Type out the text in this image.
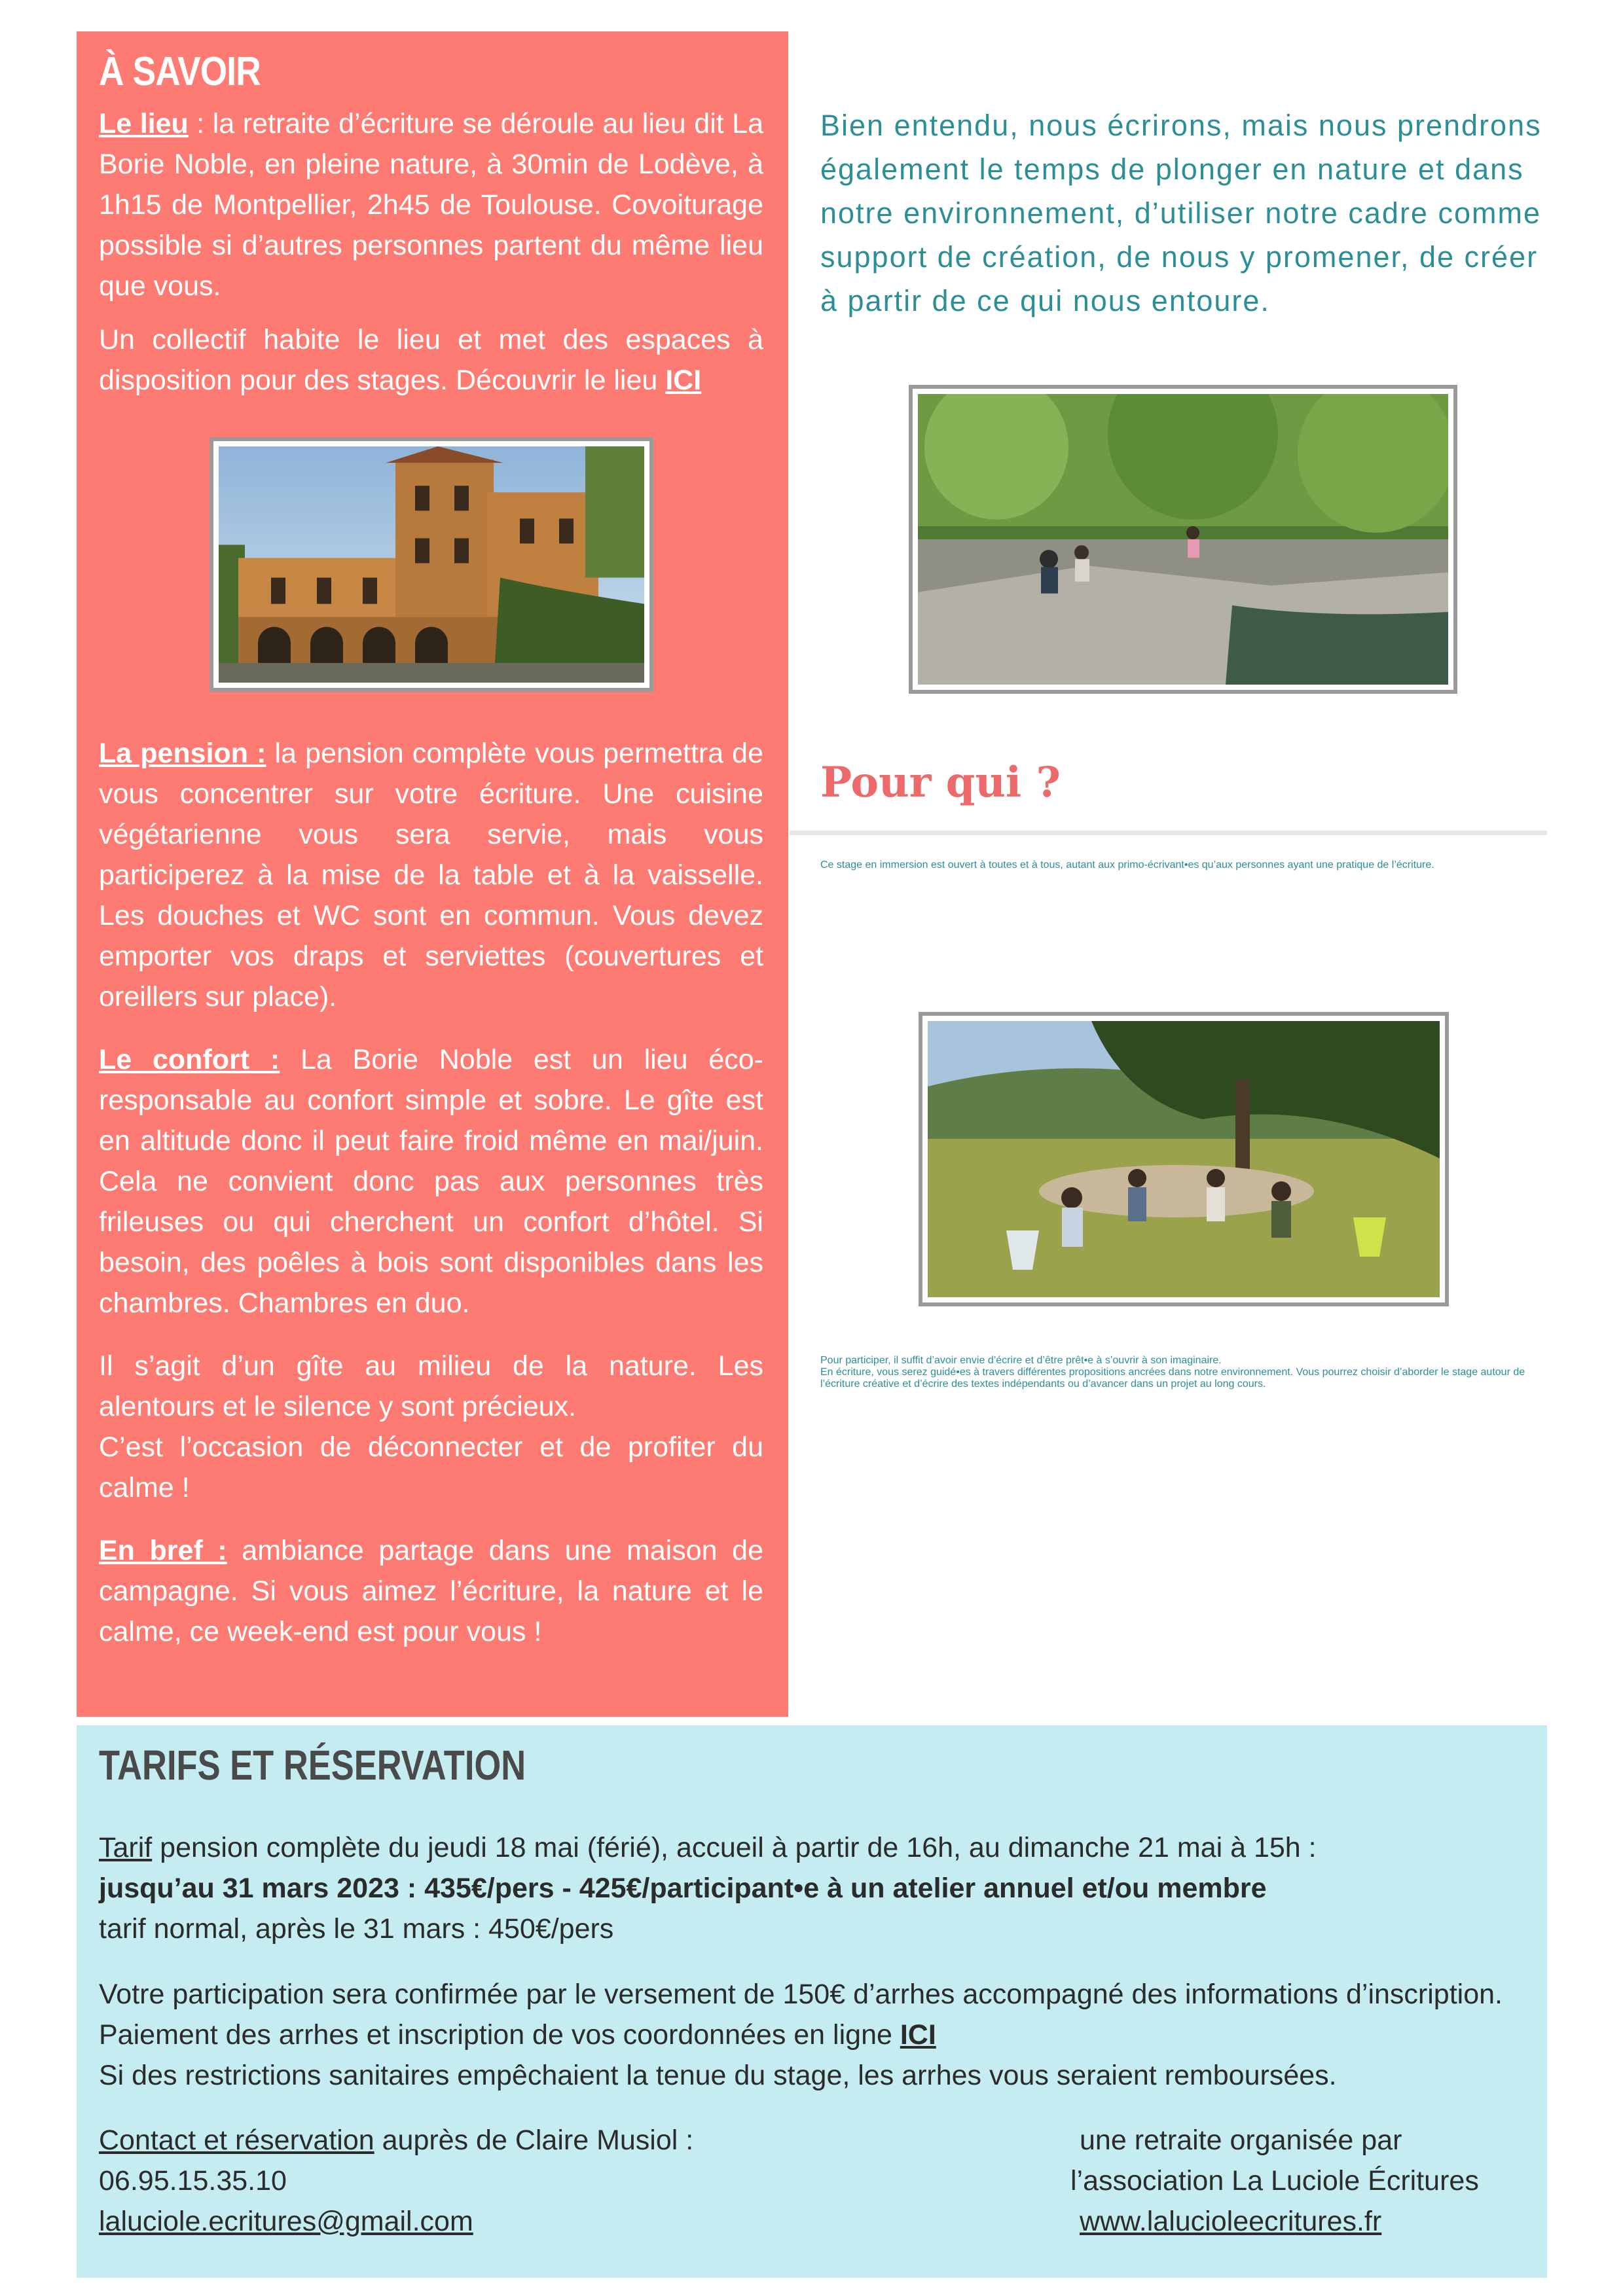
À SAVOIR

Le lieu : la retraite d’écriture se déroule au lieu dit La Borie Noble, en pleine nature, à 30min de Lodève, à 1h15 de Montpellier, 2h45 de Toulouse. Covoiturage possible si d’autres personnes partent du même lieu que vous.

Un collectif habite le lieu et met des espaces à disposition pour des stages. Découvrir le lieu ICI

La pension : la pension complète vous permettra de vous concentrer sur votre écriture. Une cuisine végétarienne vous sera servie, mais vous participerez à la mise de la table et à la vaisselle. Les douches et WC sont en commun. Vous devez emporter vos draps et serviettes (couvertures et oreillers sur place).

Le confort : La Borie Noble est un lieu éco-responsable au confort simple et sobre. Le gîte est en altitude donc il peut faire froid même en mai/juin. Cela ne convient donc pas aux personnes très frileuses ou qui cherchent un confort d’hôtel. Si besoin, des poêles à bois sont disponibles dans les chambres. Chambres en duo.

Il s’agit d’un gîte au milieu de la nature. Les alentours et le silence y sont précieux.
C’est l’occasion de déconnecter et de profiter du calme !

En bref : ambiance partage dans une maison de campagne. Si vous aimez l’écriture, la nature et le calme, ce week-end est pour vous !

Bien entendu, nous écrirons, mais nous prendrons également le temps de plonger en nature et dans notre environnement, d’utiliser notre cadre comme support de création, de nous y promener, de créer à partir de ce qui nous entoure.

Pour qui ?

Ce stage en immersion est ouvert à toutes et à tous, autant aux primo-écrivant•es qu’aux personnes ayant une pratique de l’écriture.

Pour participer, il suffit d’avoir envie d’écrire et d’être prêt•e à s’ouvrir à son imaginaire.
En écriture, vous serez guidé•es à travers différentes propositions ancrées dans notre environnement. Vous pourrez choisir d’aborder le stage autour de l’écriture créative et d’écrire des textes indépendants ou d’avancer dans un projet au long cours.

TARIFS ET RÉSERVATION

Tarif pension complète du jeudi 18 mai (férié), accueil à partir de 16h, au dimanche 21 mai à 15h :
jusqu’au 31 mars 2023 : 435€/pers - 425€/participant•e à un atelier annuel et/ou membre
tarif normal, après le 31 mars : 450€/pers

Votre participation sera confirmée par le versement de 150€ d’arrhes accompagné des informations d’inscription. Paiement des arrhes et inscription de vos coordonnées en ligne ICI
Si des restrictions sanitaires empêchaient la tenue du stage, les arrhes vous seraient remboursées.

Contact et réservation auprès de Claire Musiol :
06.95.15.35.10
laluciole.ecritures@gmail.com
une retraite organisée par
l’association La Luciole Écritures
www.lalucioleecritures.fr
